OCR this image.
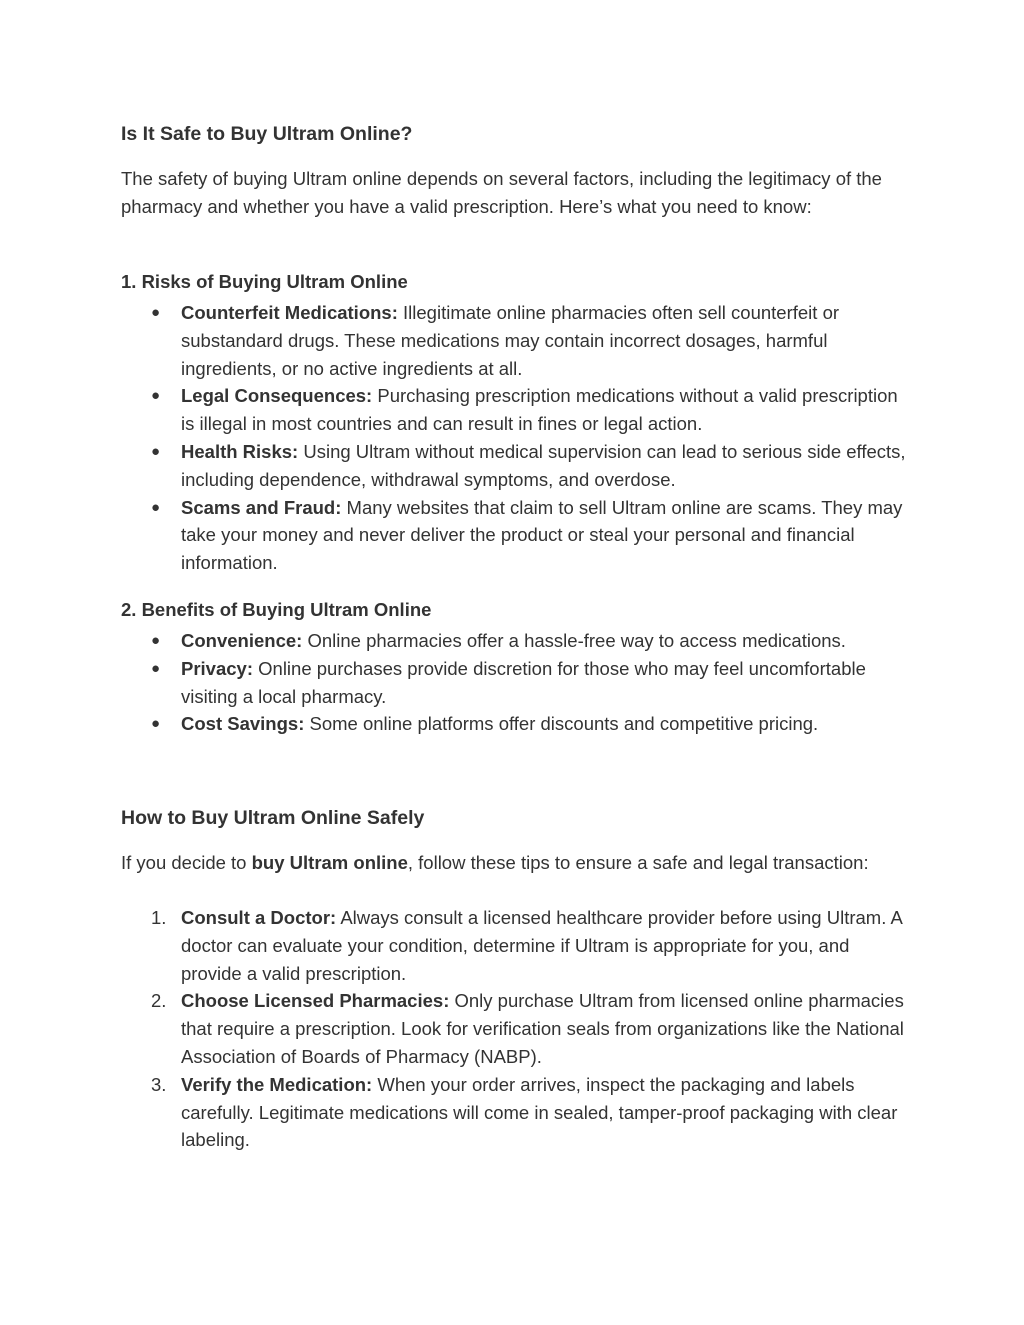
Is It Safe to Buy Ultram Online?

The safety of buying Ultram online depends on several factors, including the legitimacy of the pharmacy and whether you have a valid prescription. Here’s what you need to know:

1. Risks of Buying Ultram Online
●	Counterfeit Medications: Illegitimate online pharmacies often sell counterfeit or substandard drugs. These medications may contain incorrect dosages, harmful ingredients, or no active ingredients at all.
●	Legal Consequences: Purchasing prescription medications without a valid prescription is illegal in most countries and can result in fines or legal action.
●	Health Risks: Using Ultram without medical supervision can lead to serious side effects, including dependence, withdrawal symptoms, and overdose.
●	Scams and Fraud: Many websites that claim to sell Ultram online are scams. They may take your money and never deliver the product or steal your personal and financial information.
2. Benefits of Buying Ultram Online
●	Convenience: Online pharmacies offer a hassle-free way to access medications.
●	Privacy: Online purchases provide discretion for those who may feel uncomfortable visiting a local pharmacy.
●	Cost Savings: Some online platforms offer discounts and competitive pricing.
How to Buy Ultram Online Safely

If you decide to buy Ultram online, follow these tips to ensure a safe and legal transaction:

1. Consult a Doctor: Always consult a licensed healthcare provider before using Ultram. A doctor can evaluate your condition, determine if Ultram is appropriate for you, and provide a valid prescription.
2. Choose Licensed Pharmacies: Only purchase Ultram from licensed online pharmacies that require a prescription. Look for verification seals from organizations like the National Association of Boards of Pharmacy (NABP).
3. Verify the Medication: When your order arrives, inspect the packaging and labels carefully. Legitimate medications will come in sealed, tamper-proof packaging with clear labeling.
